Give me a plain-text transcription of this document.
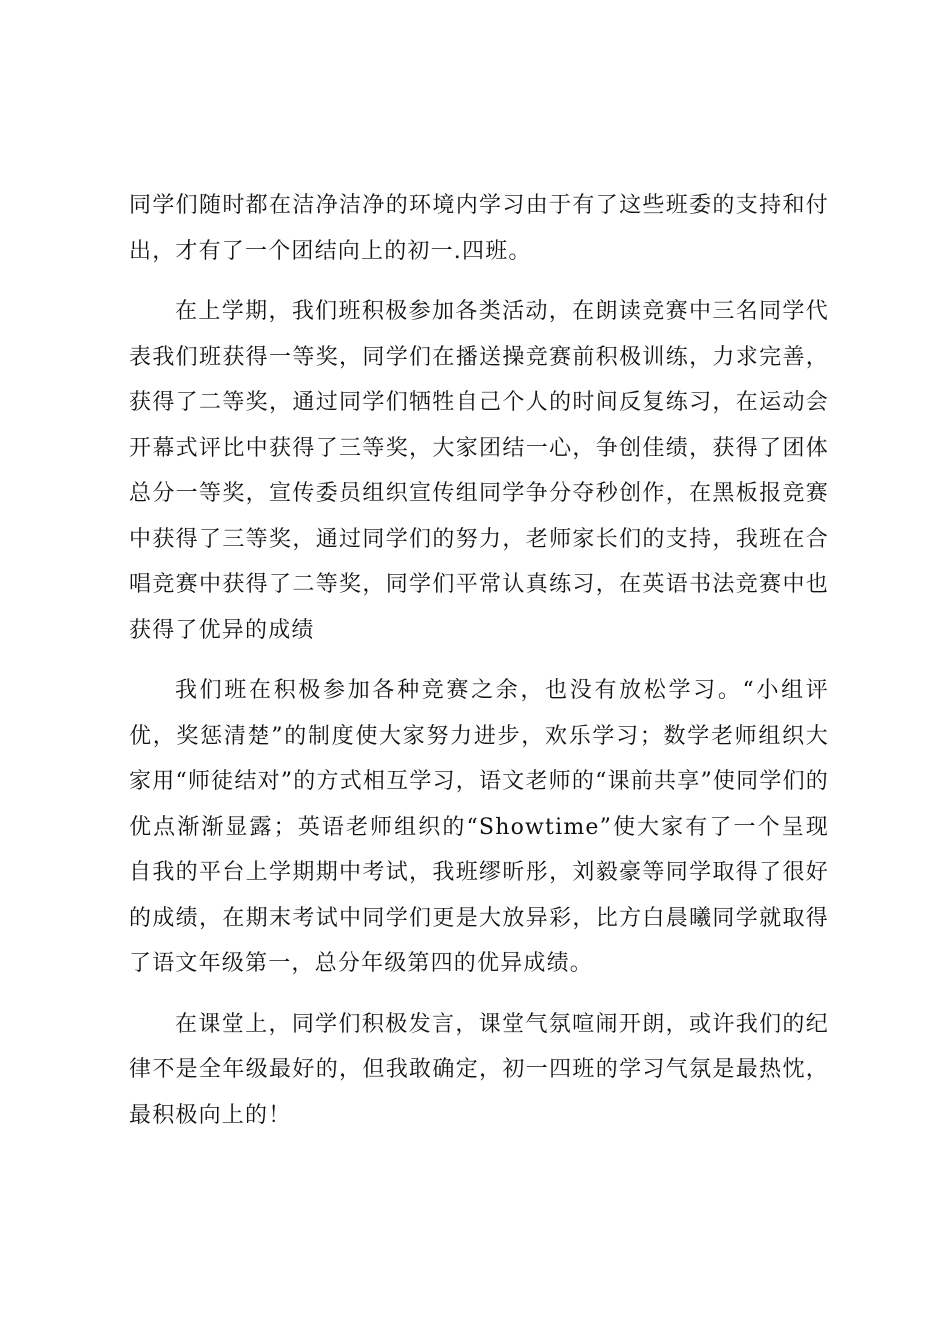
同学们随时都在洁净洁净的环境内学习由于有了这些班委的支持和付出，才有了一个团结向上的初一.四班。

在上学期，我们班积极参加各类活动，在朗读竞赛中三名同学代表我们班获得一等奖，同学们在播送操竞赛前积极训练，力求完善，获得了二等奖，通过同学们牺牲自己个人的时间反复练习，在运动会开幕式评比中获得了三等奖，大家团结一心，争创佳绩，获得了团体总分一等奖，宣传委员组织宣传组同学争分夺秒创作，在黑板报竞赛中获得了三等奖，通过同学们的努力，老师家长们的支持，我班在合唱竞赛中获得了二等奖，同学们平常认真练习，在英语书法竞赛中也获得了优异的成绩

我们班在积极参加各种竞赛之余，也没有放松学习。“小组评优，奖惩清楚”的制度使大家努力进步，欢乐学习；数学老师组织大家用“师徒结对”的方式相互学习，语文老师的“课前共享”使同学们的优点渐渐显露；英语老师组织的“Showtime”使大家有了一个呈现自我的平台上学期期中考试，我班缪昕彤，刘毅豪等同学取得了很好的成绩，在期末考试中同学们更是大放异彩，比方白晨曦同学就取得了语文年级第一，总分年级第四的优异成绩。

在课堂上，同学们积极发言，课堂气氛喧闹开朗，或许我们的纪律不是全年级最好的，但我敢确定，初一四班的学习气氛是最热忱，最积极向上的！
